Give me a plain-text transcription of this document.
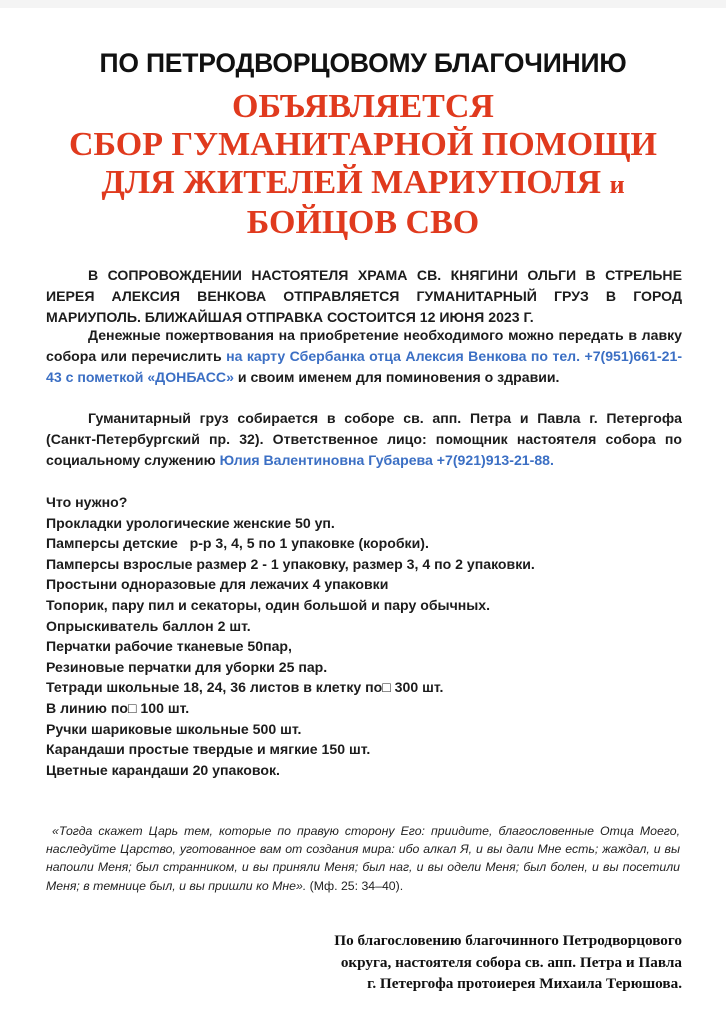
ПО ПЕТРОДВОРЦОВОМУ БЛАГОЧИНИЮ
ОБЪЯВЛЯЕТСЯ
СБОР ГУМАНИТАРНОЙ ПОМОЩИ
ДЛЯ ЖИТЕЛЕЙ МАРИУПОЛЯ и
БОЙЦОВ СВО
В СОПРОВОЖДЕНИИ НАСТОЯТЕЛЯ ХРАМА СВ. КНЯГИНИ ОЛЬГИ В СТРЕЛЬНЕ ИЕРЕЯ АЛЕКСИЯ ВЕНКОВА ОТПРАВЛЯЕТСЯ ГУМАНИТАРНЫЙ ГРУЗ В ГОРОД МАРИУПОЛЬ. БЛИЖАЙШАЯ ОТПРАВКА СОСТОИТСЯ 12 ИЮНЯ 2023 Г.
Денежные пожертвования на приобретение необходимого можно передать в лавку собора или перечислить на карту Сбербанка отца Алексия Венкова по тел. +7(951)661-21-43 с пометкой «ДОНБАСС» и своим именем для поминовения о здравии.
Гуманитарный груз собирается в соборе св. апп. Петра и Павла г. Петергофа (Санкт-Петербургский пр. 32). Ответственное лицо: помощник настоятеля собора по социальному служению Юлия Валентиновна Губарева +7(921)913-21-88.
Что нужно?
Прокладки урологические женские 50 уп.
Памперсы детские   р-р 3, 4, 5 по 1 упаковке (коробки).
Памперсы взрослые размер 2 - 1 упаковку, размер 3, 4 по 2 упаковки.
Простыни одноразовые для лежачих 4 упаковки
Топорик, пару пил и секаторы, один большой и пару обычных.
Опрыскиватель баллон 2 шт.
Перчатки рабочие тканевые 50пар,
Резиновые перчатки для уборки 25 пар.
Тетради школьные 18, 24, 36 листов в клетку по□ 300 шт.
В линию по□ 100 шт.
Ручки шариковые школьные 500 шт.
Карандаши простые твердые и мягкие 150 шт.
Цветные карандаши 20 упаковок.
«Тогда скажет Царь тем, которые по правую сторону Его: приидите, благословенные Отца Моего, наследуйте Царство, уготованное вам от создания мира: ибо алкал Я, и вы дали Мне есть; жаждал, и вы напоили Меня; был странником, и вы приняли Меня; был наг, и вы одели Меня; был болен, и вы посетили Меня; в темнице был, и вы пришли ко Мне». (Мф. 25: 34–40).
По благословению благочинного Петродворцового
округа, настоятеля собора св. апп. Петра и Павла
г. Петергофа протоиерея Михаила Терюшова.
